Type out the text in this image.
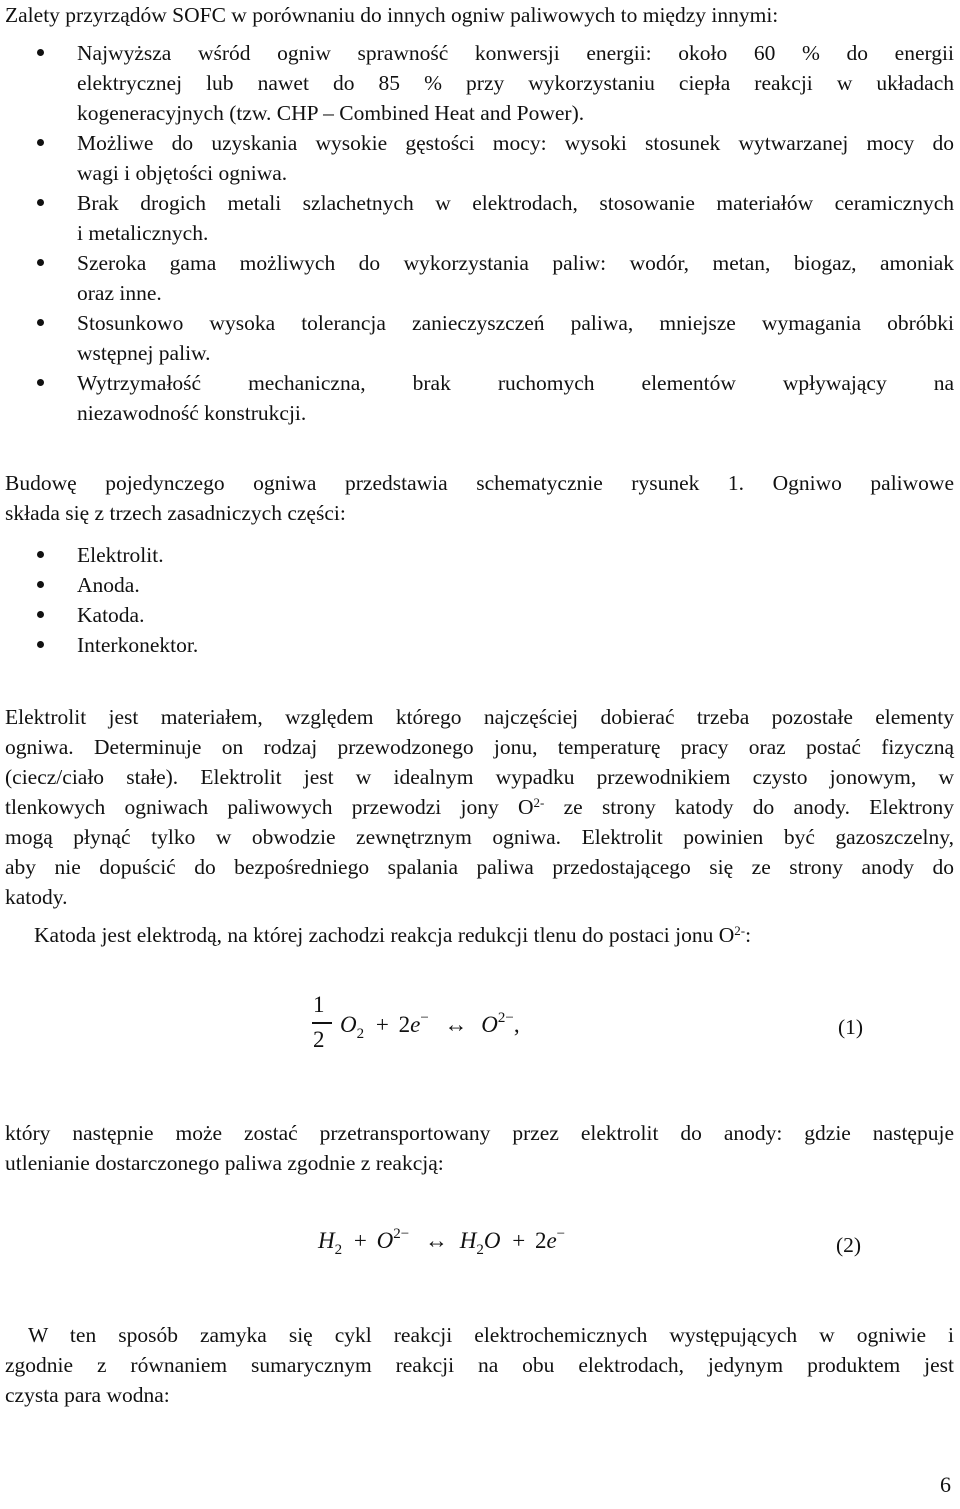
Zalety przyrządów SOFC w porównaniu do innych ogniw paliwowych to między innymi:
Najwyższa wśród ogniw sprawność konwersji energii: około 60 % do energii
elektrycznej lub nawet do 85 % przy wykorzystaniu ciepła reakcji w układach
kogeneracyjnych (tzw. CHP – Combined Heat and Power).
Możliwe do uzyskania wysokie gęstości mocy: wysoki stosunek wytwarzanej mocy do
wagi i objętości ogniwa.
Brak drogich metali szlachetnych w elektrodach, stosowanie materiałów ceramicznych
i metalicznych.
Szeroka gama możliwych do wykorzystania paliw: wodór, metan, biogaz, amoniak
oraz inne.
Stosunkowo wysoka tolerancja zanieczyszczeń paliwa, mniejsze wymagania obróbki
wstępnej paliw.
Wytrzymałość mechaniczna, brak ruchomych elementów wpływający na
niezawodność konstrukcji.
Budowę pojedynczego ogniwa przedstawia schematycznie rysunek 1. Ogniwo paliwowe
składa się z trzech zasadniczych części:
Elektrolit.
Anoda.
Katoda.
Interkonektor.
Elektrolit jest materiałem, względem którego najczęściej dobierać trzeba pozostałe elementy
ogniwa. Determinuje on rodzaj przewodzonego jonu, temperaturę pracy oraz postać fizyczną
(ciecz/ciało stałe). Elektrolit jest w idealnym wypadku przewodnikiem czysto jonowym, w
tlenkowych ogniwach paliwowych przewodzi jony $O^{2-}$ ze strony katody do anody. Elektrony
mogą płynąć tylko w obwodzie zewnętrznym ogniwa. Elektrolit powinien być gazoszczelny,
aby nie dopuścić do bezpośredniego spalania paliwa przedostającego się ze strony anody do
katody.
Katoda jest elektrodą, na której zachodzi reakcja redukcji tlenu do postaci jonu $O^{2-}$:
1
2
$O_2 + 2e^-$ ↔ $O^{2-}$,	(1)
który następnie może zostać przetransportowany przez elektrolit do anody: gdzie następuje
utlenianie dostarczonego paliwa zgodnie z reakcją:
$H_2 + O^{2-}$ ↔ $H_2O + 2e^-$	(2)
W ten sposób zamyka się cykl reakcji elektrochemicznych występujących w ogniwie i
zgodnie z równaniem sumarycznym reakcji na obu elektrodach, jedynym produktem jest
czysta para wodna:
6
